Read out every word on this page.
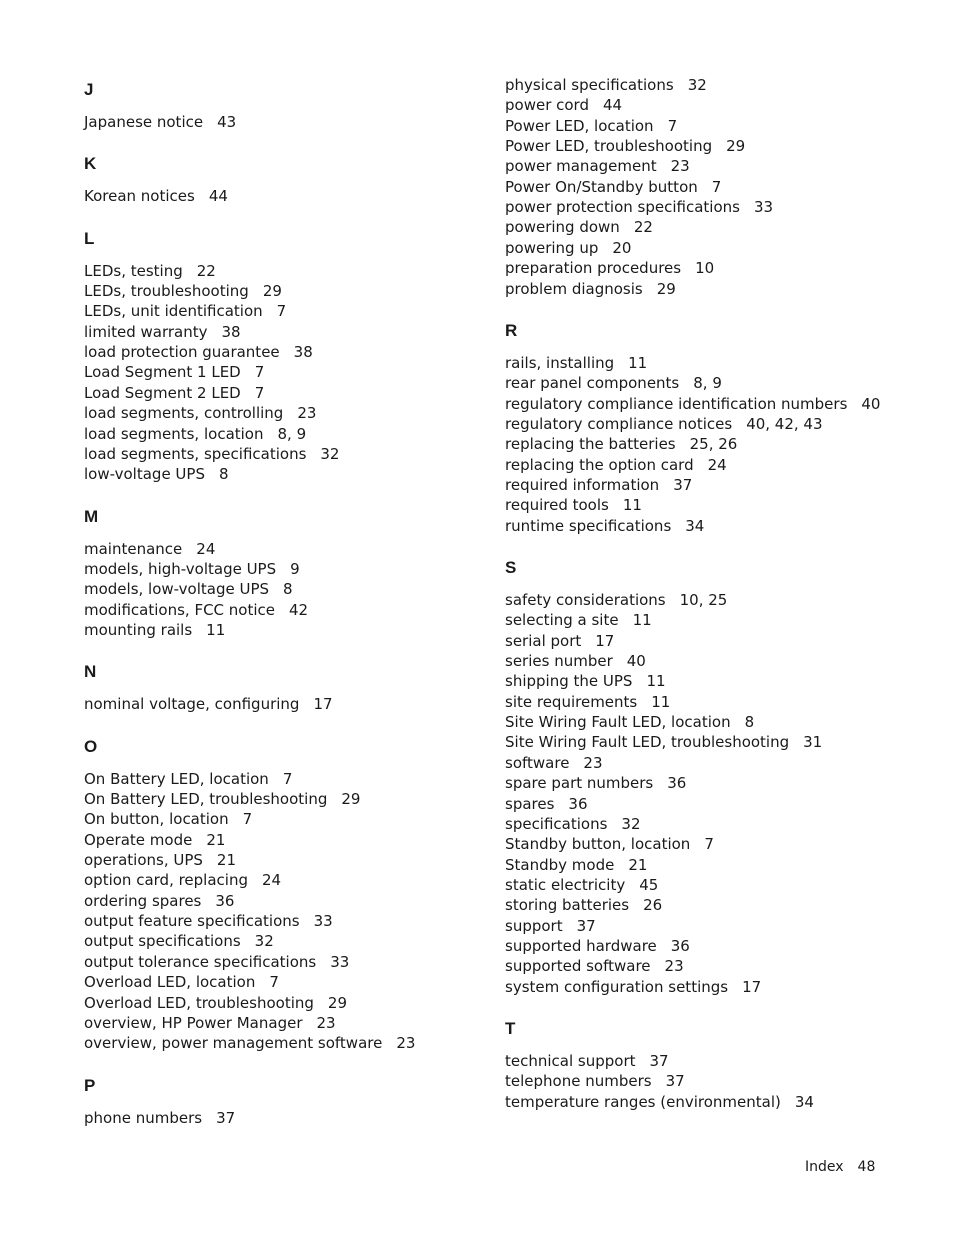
J
Japanese notice 43
K
Korean notices 44
L
LEDs, testing 22
LEDs, troubleshooting 29
LEDs, unit identification 7
limited warranty 38
load protection guarantee 38
Load Segment 1 LED 7
Load Segment 2 LED 7
load segments, controlling 23
load segments, location 8, 9
load segments, specifications 32
low-voltage UPS 8
M
maintenance 24
models, high-voltage UPS 9
models, low-voltage UPS 8
modifications, FCC notice 42
mounting rails 11
N
nominal voltage, configuring 17
O
On Battery LED, location 7
On Battery LED, troubleshooting 29
On button, location 7
Operate mode 21
operations, UPS 21
option card, replacing 24
ordering spares 36
output feature specifications 33
output specifications 32
output tolerance specifications 33
Overload LED, location 7
Overload LED, troubleshooting 29
overview, HP Power Manager 23
overview, power management software 23
P
phone numbers 37
physical specifications 32
power cord 44
Power LED, location 7
Power LED, troubleshooting 29
power management 23
Power On/Standby button 7
power protection specifications 33
powering down 22
powering up 20
preparation procedures 10
problem diagnosis 29
R
rails, installing 11
rear panel components 8, 9
regulatory compliance identification numbers 40
regulatory compliance notices 40, 42, 43
replacing the batteries 25, 26
replacing the option card 24
required information 37
required tools 11
runtime specifications 34
S
safety considerations 10, 25
selecting a site 11
serial port 17
series number 40
shipping the UPS 11
site requirements 11
Site Wiring Fault LED, location 8
Site Wiring Fault LED, troubleshooting 31
software 23
spare part numbers 36
spares 36
specifications 32
Standby button, location 7
Standby mode 21
static electricity 45
storing batteries 26
support 37
supported hardware 36
supported software 23
system configuration settings 17
T
technical support 37
telephone numbers 37
temperature ranges (environmental) 34
Index 48
